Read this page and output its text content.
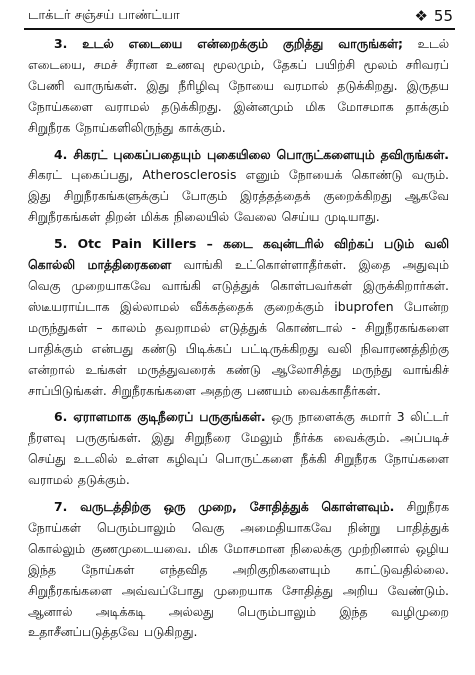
டாக்டர் சஞ்சய் பாண்ட்யா	❖ 55

3. உடல் எடையை என்றைக்கும் குறித்து வாருங்கள்; உடல் எடையை, சமச் சீரான உணவு மூலமும், தேகப் பயிற்சி மூலம் சரிவரப் பேணி வாருங்கள். இது நீரிழிவு நோயை வரமால் தடுக்கிறது. இருதய நோய்களை வராமல் தடுக்கிறது. இன்னமும் மிக மோசமாக தாக்கும் சிறுநீரக நோய்களிலிருந்து காக்கும்.

4. சிகரட் புகைப்பதையும் புகையிலை பொருட்களையும் தவிருங்கள். சிகரட் புகைப்பது, Atherosclerosis எனும் நோயைக் கொண்டு வரும். இது சிறுநீரகங்களுக்குப் போகும் இரத்தத்தைக் குறைக்கிறது ஆகவே சிறுநீரகங்கள் திறன் மிக்க நிலையில் வேலை செய்ய முடியாது.

5. Otc Pain Killers – கடை கவுன்டரில் விற்கப் படும் வலி கொல்லி மாத்திரைகளை வாங்கி உட்கொள்ளாதீர்கள். இதை அதுவும் வெகு முறையாகவே வாங்கி எடுத்துக் கொள்பவர்கள் இருக்கிறார்கள். ஸ்டீயராய்டாக இல்லாமல் வீக்கத்தைக் குறைக்கும் ibuprofen போன்ற மருந்துகள் – காலம் தவறாமல் எடுத்துக் கொண்டால் - சிறுநீரகங்களை பாதிக்கும் என்பது கண்டு பிடிக்கப் பட்டிருக்கிறது வலி நிவாரணத்திற்கு என்றால் உங்கள் மருத்துவரைக் கண்டு ஆலோசித்து மருந்து வாங்கிச் சாப்பிடுங்கள். சிறுநீரகங்களை அதற்கு பணயம் வைக்காதீர்கள்.

6. ஏராளமாக குடிநீரைப் பருகுங்கள். ஒரு நாளைக்கு சுமார் 3 லிட்டர் நீரளவு பருகுங்கள். இது சிறுநீரை மேலும் நீர்க்க வைக்கும். அப்படிச் செய்து உடலில் உள்ள கழிவுப் பொருட்களை நீக்கி சிறுநீரக நோய்களை வராமல் தடுக்கும்.

7. வருடத்திற்கு ஒரு முறை, சோதித்துக் கொள்ளவும். சிறுநீரக நோய்கள் பெரும்பாலும் வெகு அமைதியாகவே நின்று பாதித்துக் கொல்லும் குணமுடையவை. மிக மோசமான நிலைக்கு முற்றினால் ஒழிய இந்த நோய்கள் எந்தவித அறிகுறிகளையும் காட்டுவதில்லை. சிறுநீரகங்களை அவ்வப்போது முறையாக சோதித்து அறிய வேண்டும். ஆனால் அடிக்கடி அல்லது பெரும்பாலும் இந்த வழிமுறை உதாசீனப்படுத்தவே படுகிறது.
